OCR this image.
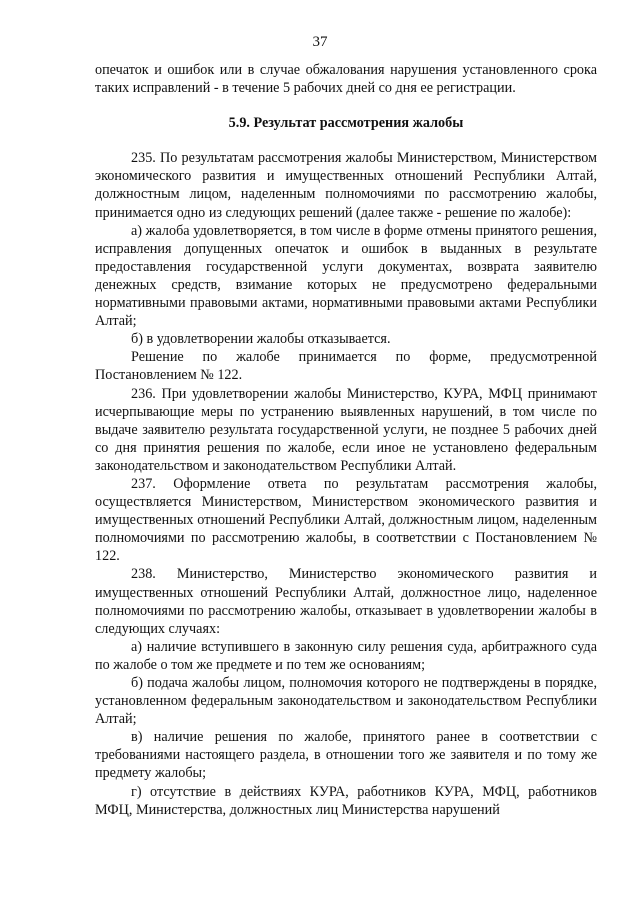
37

опечаток и ошибок или в случае обжалования нарушения установленного срока таких исправлений - в течение 5 рабочих дней со дня ее регистрации.

5.9. Результат рассмотрения жалобы

235. По результатам рассмотрения жалобы Министерством, Министерством экономического развития и имущественных отношений Республики Алтай, должностным лицом, наделенным полномочиями по рассмотрению жалобы, принимается одно из следующих решений (далее также - решение по жалобе):

а) жалоба удовлетворяется, в том числе в форме отмены принятого решения, исправления допущенных опечаток и ошибок в выданных в результате предоставления государственной услуги документах, возврата заявителю денежных средств, взимание которых не предусмотрено федеральными нормативными правовыми актами, нормативными правовыми актами Республики Алтай;

б) в удовлетворении жалобы отказывается.

Решение по жалобе принимается по форме, предусмотренной Постановлением № 122.

236. При удовлетворении жалобы Министерство, КУРА, МФЦ принимают исчерпывающие меры по устранению выявленных нарушений, в том числе по выдаче заявителю результата государственной услуги, не позднее 5 рабочих дней со дня принятия решения по жалобе, если иное не установлено федеральным законодательством и законодательством Республики Алтай.

237. Оформление ответа по результатам рассмотрения жалобы, осуществляется Министерством, Министерством экономического развития и имущественных отношений Республики Алтай, должностным лицом, наделенным полномочиями по рассмотрению жалобы, в соответствии с Постановлением № 122.

238. Министерство, Министерство экономического развития и имущественных отношений Республики Алтай, должностное лицо, наделенное полномочиями по рассмотрению жалобы, отказывает в удовлетворении жалобы в следующих случаях:

а) наличие вступившего в законную силу решения суда, арбитражного суда по жалобе о том же предмете и по тем же основаниям;

б) подача жалобы лицом, полномочия которого не подтверждены в порядке, установленном федеральным законодательством и законодательством Республики Алтай;

в) наличие решения по жалобе, принятого ранее в соответствии с требованиями настоящего раздела, в отношении того же заявителя и по тому же предмету жалобы;

г) отсутствие в действиях КУРА, работников КУРА, МФЦ, работников МФЦ, Министерства, должностных лиц Министерства нарушений
